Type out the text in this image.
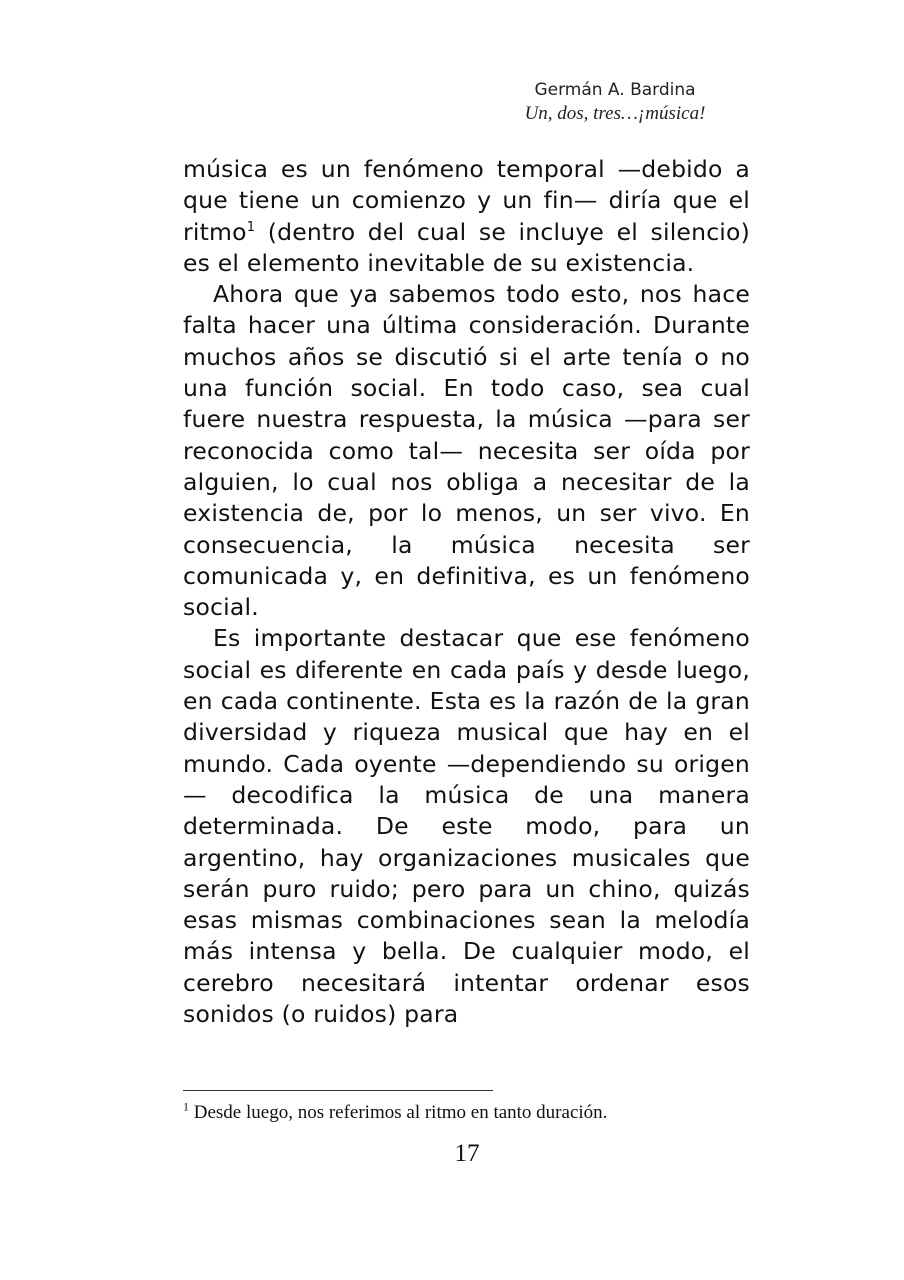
Germán A. Bardina
Un, dos, tres…¡música!

música es un fenómeno temporal —debido a que tiene un comienzo y un fin— diría que el ritmo$^1$ (dentro del cual se incluye el silencio) es el elemento inevitable de su existencia.

Ahora que ya sabemos todo esto, nos hace falta hacer una última consideración. Durante muchos años se discutió si el arte tenía o no una función social. En todo caso, sea cual fuere nuestra respuesta, la música —para ser reconocida como tal— necesita ser oída por alguien, lo cual nos obliga a necesitar de la existencia de, por lo menos, un ser vivo. En consecuencia, la música necesita ser comunicada y, en definitiva, es un fenómeno social.

Es importante destacar que ese fenómeno social es diferente en cada país y desde luego, en cada continente. Esta es la razón de la gran diversidad y riqueza musical que hay en el mundo. Cada oyente —dependiendo su origen— decodifica la música de una manera determinada. De este modo, para un argentino, hay organizaciones musicales que serán puro ruido; pero para un chino, quizás esas mismas combinaciones sean la melodía más intensa y bella. De cualquier modo, el cerebro necesitará intentar ordenar esos sonidos (o ruidos) para

$^1$ Desde luego, nos referimos al ritmo en tanto duración.
17
